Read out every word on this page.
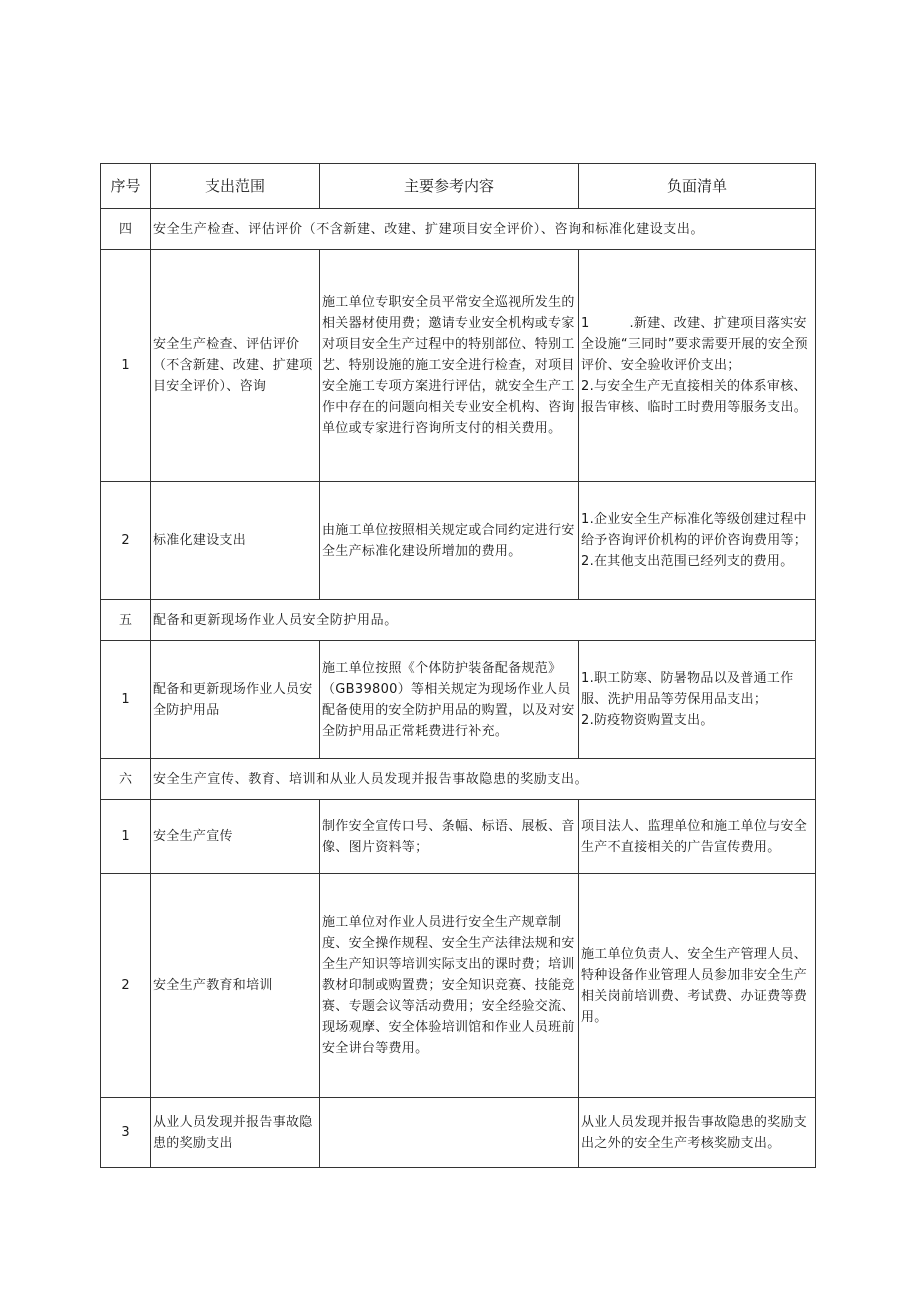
序号	支出范围	主要参考内容	负面清单
四	安全生产检查、评估评价（不含新建、改建、扩建项目安全评价）、咨询和标准化建设支出。		
1	安全生产检查、评估评价（不含新建、改建、扩建项目安全评价）、咨询	施工单位专职安全员平常安全巡视所发生的相关器材使用费；邀请专业安全机构或专家对项目安全生产过程中的特别部位、特别工艺、特别设施的施工安全进行检查，对项目安全施工专项方案进行评估，就安全生产工作中存在的问题向相关专业安全机构、咨询单位或专家进行咨询所支付的相关费用。	1　　　.新建、改建、扩建项目落实安全设施“三同时”要求需要开展的安全预评价、安全验收评价支出；
2.与安全生产无直接相关的体系审核、报告审核、临时工时费用等服务支出。

2	标准化建设支出	由施工单位按照相关规定或合同约定进行安全生产标准化建设所增加的费用。	1.企业安全生产标准化等级创建过程中给予咨询评价机构的评价咨询费用等；
2.在其他支出范围已经列支的费用。

五	配备和更新现场作业人员安全防护用品。		
1	配备和更新现场作业人员安全防护用品	施工单位按照《个体防护装备配备规范》（GB39800）等相关规定为现场作业人员配备使用的安全防护用品的购置，以及对安全防护用品正常耗费进行补充。	1.职工防寒、防暑物品以及普通工作服、洗护用品等劳保用品支出；
2.防疫物资购置支出。

六	安全生产宣传、教育、培训和从业人员发现并报告事故隐患的奖励支出。		
1	安全生产宣传	制作安全宣传口号、条幅、标语、展板、音像、图片资料等；	项目法人、监理单位和施工单位与安全生产不直接相关的广告宣传费用。

2	安全生产教育和培训	施工单位对作业人员进行安全生产规章制度、安全操作规程、安全生产法律法规和安全生产知识等培训实际支出的课时费；培训教材印制或购置费；安全知识竞赛、技能竞赛、专题会议等活动费用；安全经验交流、现场观摩、安全体验培训馆和作业人员班前安全讲台等费用。	施工单位负责人、安全生产管理人员、特种设备作业管理人员参加非安全生产相关岗前培训费、考试费、办证费等费用。

3	从业人员发现并报告事故隐患的奖励支出		从业人员发现并报告事故隐患的奖励支出之外的安全生产考核奖励支出。
